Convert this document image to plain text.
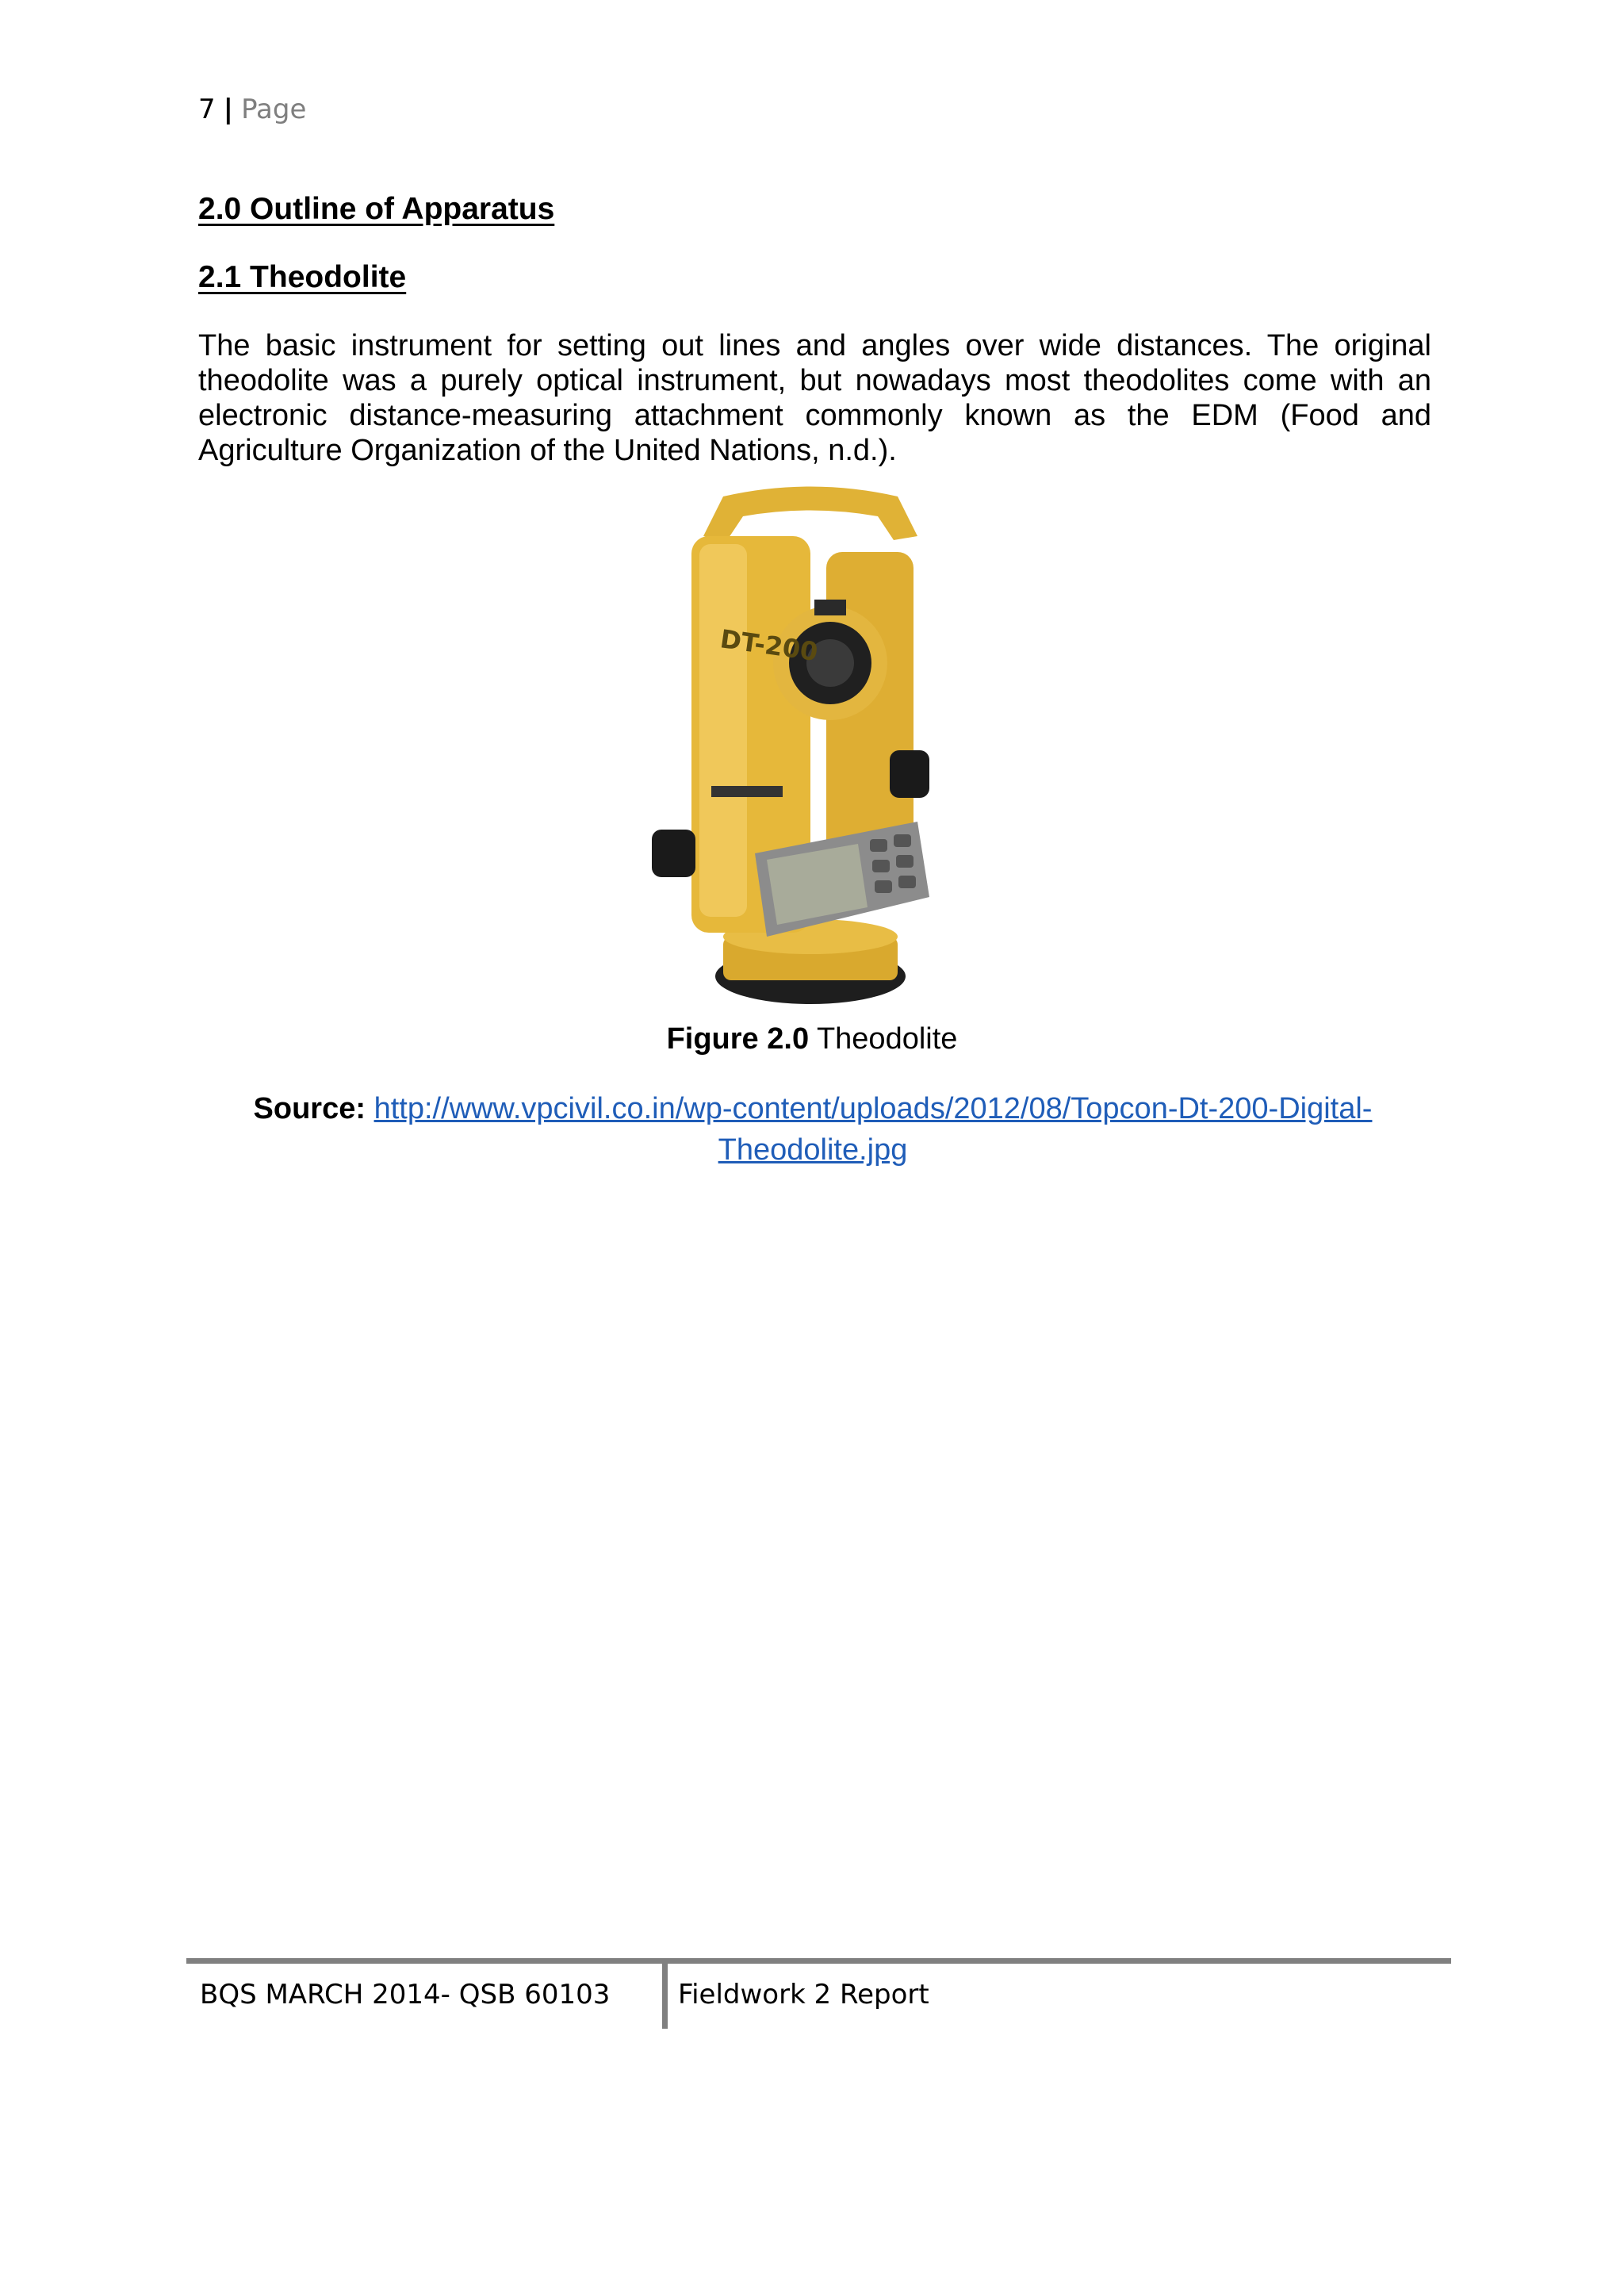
7 | Page
2.0 Outline of Apparatus
2.1 Theodolite
The basic instrument for setting out lines and angles over wide distances. The original theodolite was a purely optical instrument, but nowadays most theodolites come with an electronic distance-measuring attachment commonly known as the EDM (Food and Agriculture Organization of the United Nations, n.d.).
DT-200
Figure 2.0 Theodolite
Source: http://www.vpcivil.co.in/wp-content/uploads/2012/08/Topcon-Dt-200-Digital-
Theodolite.jpg
BQS MARCH 2014- QSB 60103	Fieldwork 2 Report
